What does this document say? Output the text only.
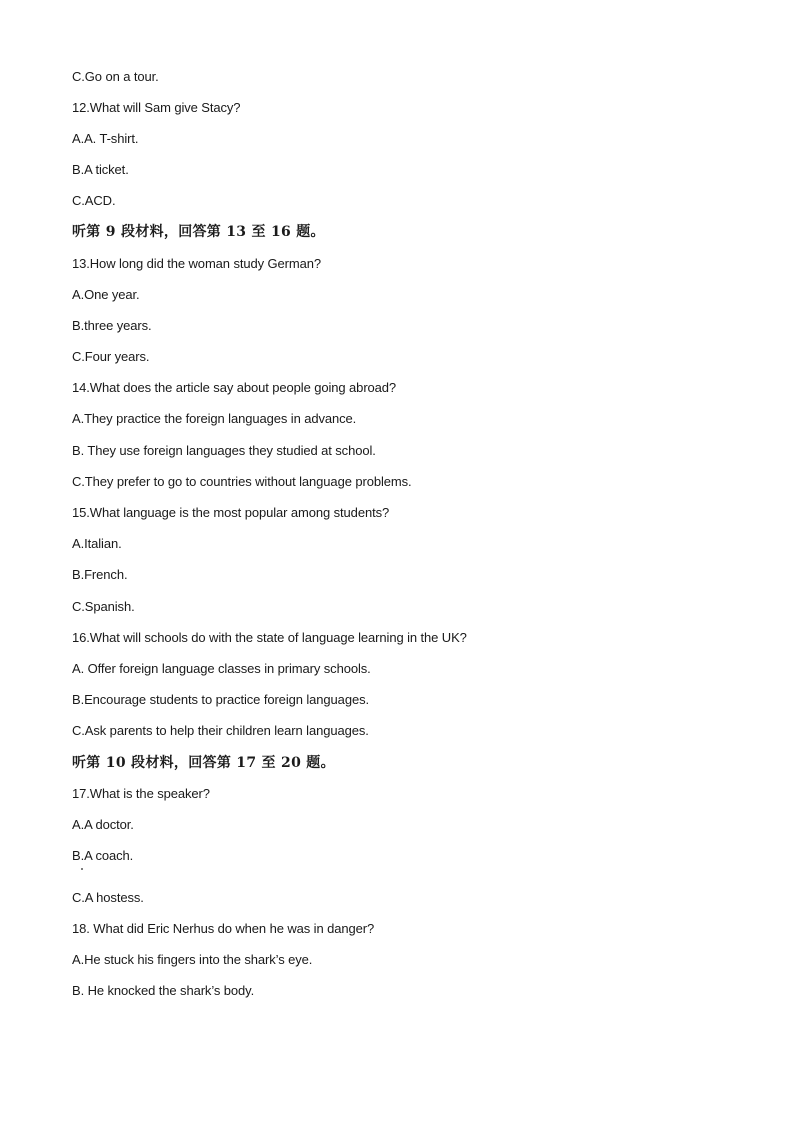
C.Go on a tour.
12.What will Sam give Stacy?
A.A. T-shirt.
B.A ticket.
C.ACD.
听第 9 段材料，回答第 13 至 16 题。
13.How long did the woman study German?
A.One year.
B.three years.
C.Four years.
14.What does the article say about people going abroad?
A.They practice the foreign languages in advance.
B. They use foreign languages they studied at school.
C.They prefer to go to countries without language problems.
15.What language is the most popular among students?
A.Italian.
B.French.
C.Spanish.
16.What will schools do with the state of language learning in the UK?
A. Offer foreign language classes in primary schools.
B.Encourage students to practice foreign languages.
C.Ask parents to help their children learn languages.
听第 10 段材料，回答第 17 至 20 题。
17.What is the speaker?
A.A doctor.
B.A coach.
C.A hostess.
18. What did Eric Nerhus do when he was in danger?
A.He stuck his fingers into the shark’s eye.
B. He knocked the shark’s body.
